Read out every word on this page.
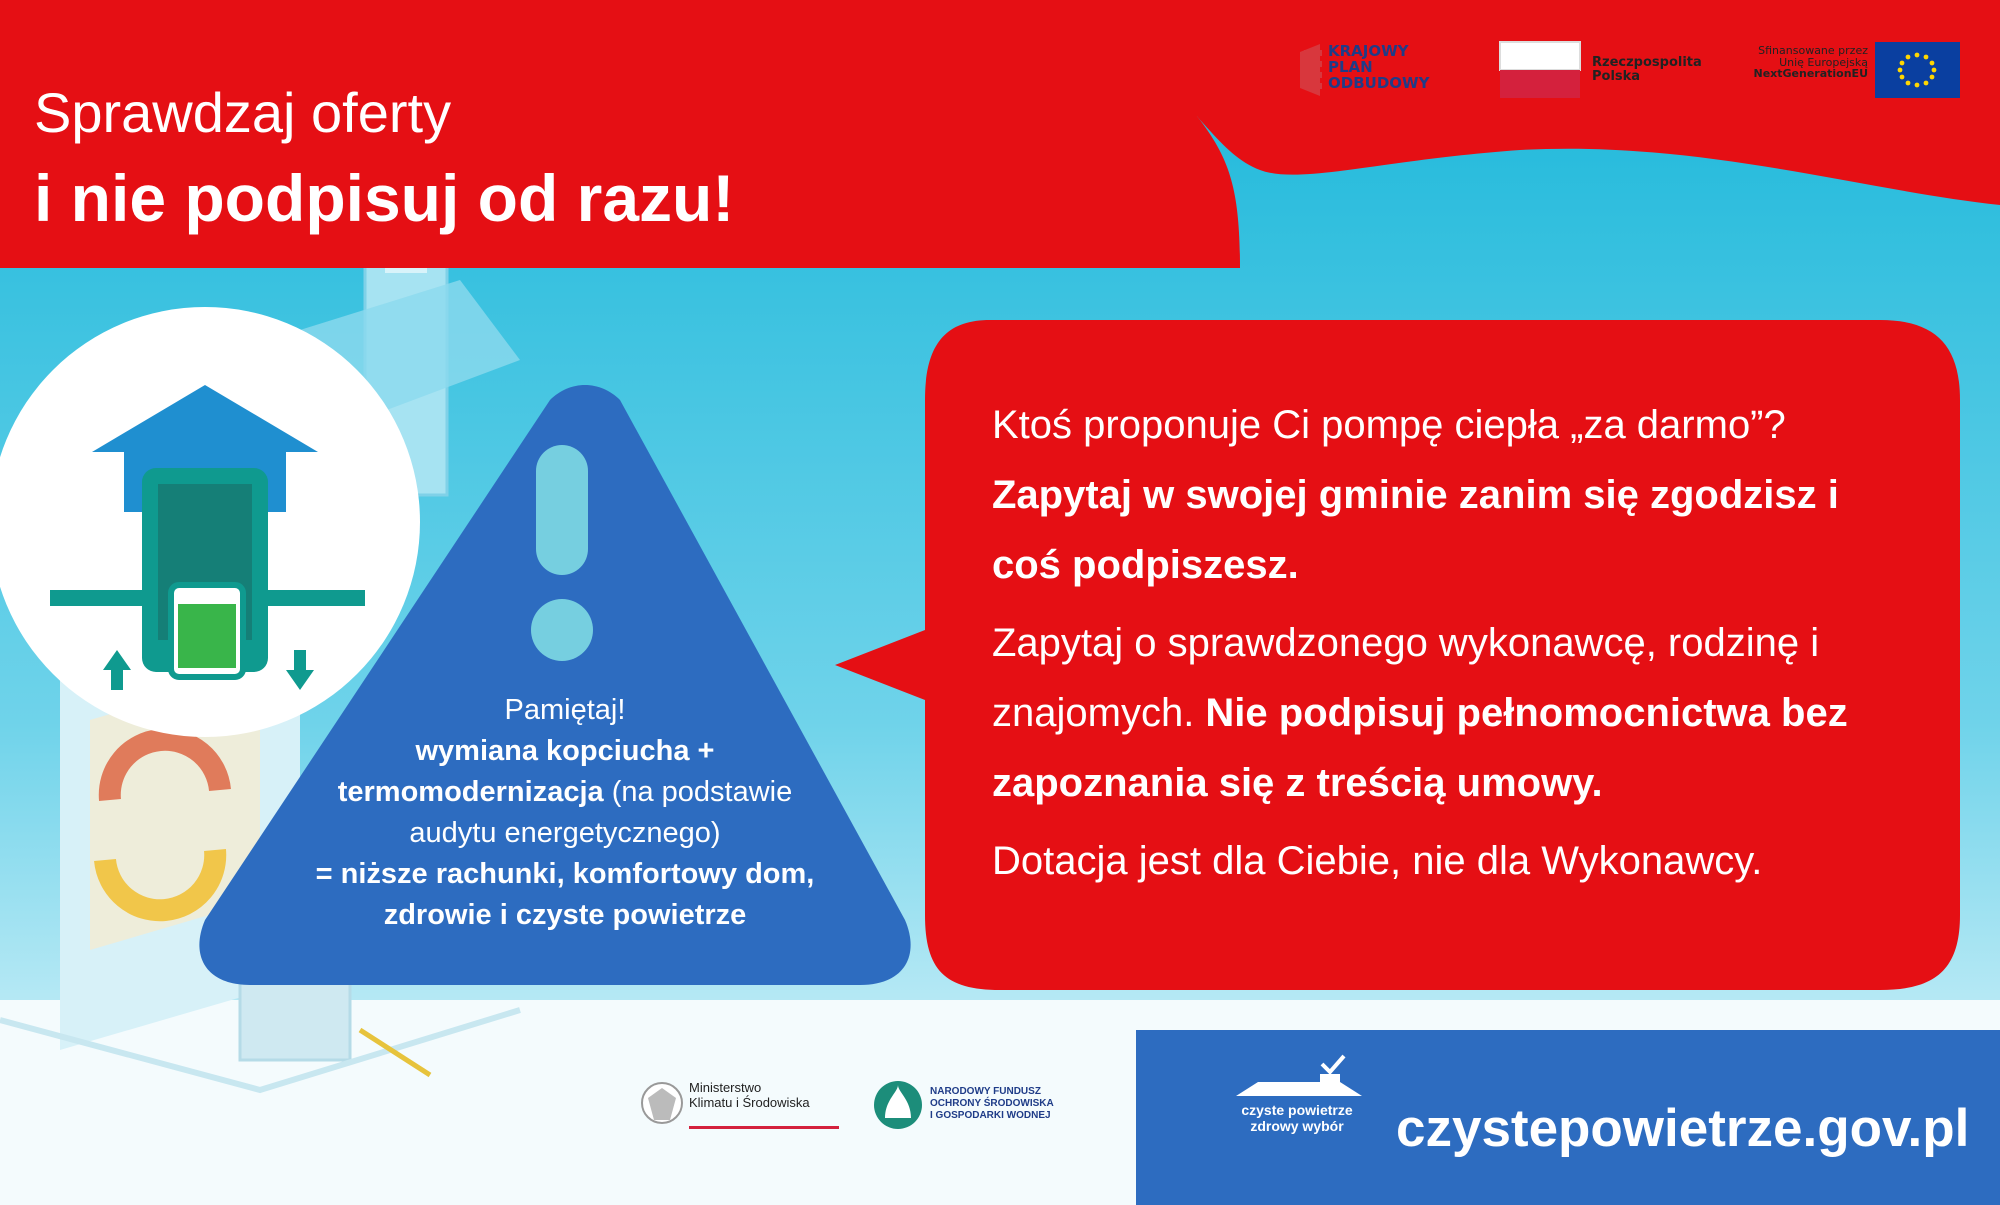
Sprawdzaj oferty
i nie podpisuj od razu!
KRAJOWY
PLAN
ODBUDOWY
Rzeczpospolita
Polska
Sfinansowane przez
Unię Europejską
NextGenerationEU
Pamiętaj!
wymiana kopciucha +
termomodernizacja (na podstawie
audytu energetycznego)
= niższe rachunki, komfortowy dom,
zdrowie i czyste powietrze

Ktoś proponuje Ci pompę ciepła „za darmo”?
Zapytaj w swojej gminie zanim się zgodzisz i coś podpiszesz.

Zapytaj o sprawdzonego wykonawcę, rodzinę i znajomych. Nie podpisuj pełnomocnictwa bez zapoznania się z treścią umowy.

Dotacja jest dla Ciebie, nie dla Wykonawcy.

Ministerstwo
Klimatu i Środowiska
NARODOWY FUNDUSZ
OCHRONY ŚRODOWISKA
I GOSPODARKI WODNEJ	czyste powietrze
zdrowy wybór czystepowietrze.gov.pl
